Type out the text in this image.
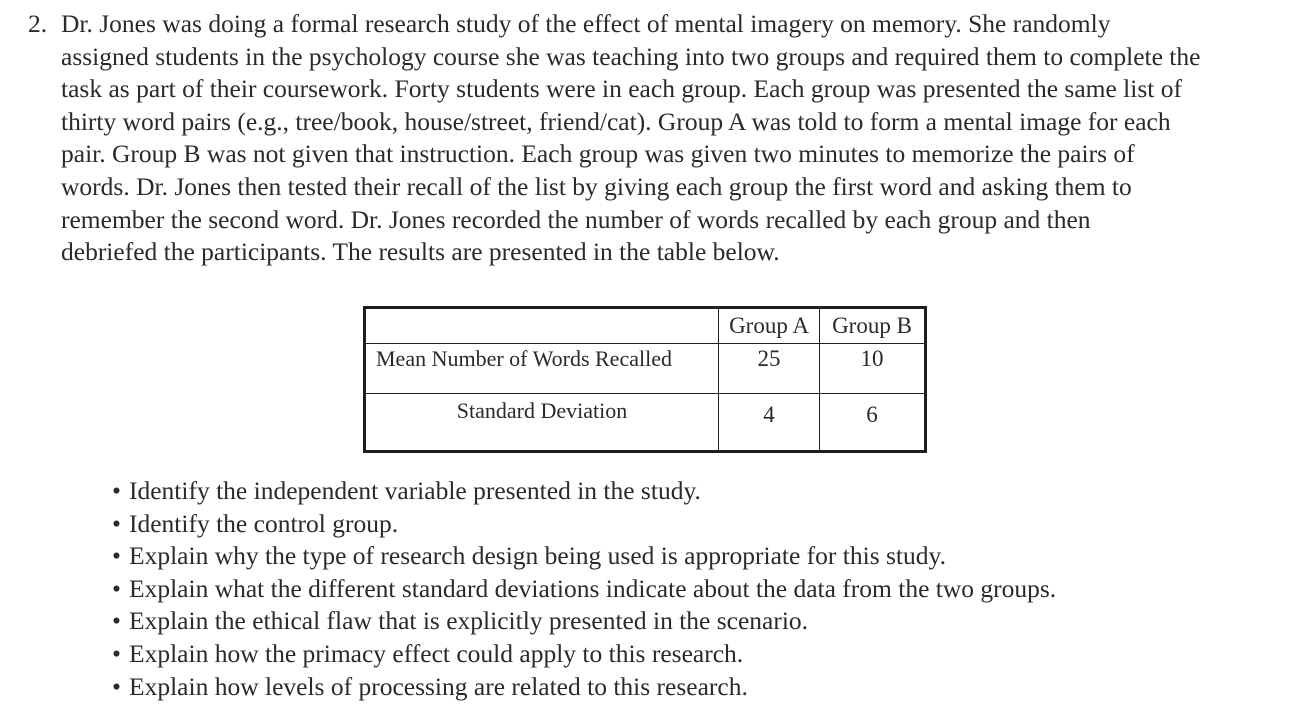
2. Dr. Jones was doing a formal research study of the effect of mental imagery on memory. She randomly
assigned students in the psychology course she was teaching into two groups and required them to complete the
task as part of their coursework. Forty students were in each group. Each group was presented the same list of
thirty word pairs (e.g., tree/book, house/street, friend/cat). Group A was told to form a mental image for each
pair. Group B was not given that instruction. Each group was given two minutes to memorize the pairs of
words. Dr. Jones then tested their recall of the list by giving each group the first word and asking them to
remember the second word. Dr. Jones recorded the number of words recalled by each group and then
debriefed the participants. The results are presented in the table below.
	Group A	Group B
Mean Number of Words Recalled	25	10
Standard Deviation	4	6
• Identify the independent variable presented in the study.
• Identify the control group.
• Explain why the type of research design being used is appropriate for this study.
• Explain what the different standard deviations indicate about the data from the two groups.
• Explain the ethical flaw that is explicitly presented in the scenario.
• Explain how the primacy effect could apply to this research.
• Explain how levels of processing are related to this research.
